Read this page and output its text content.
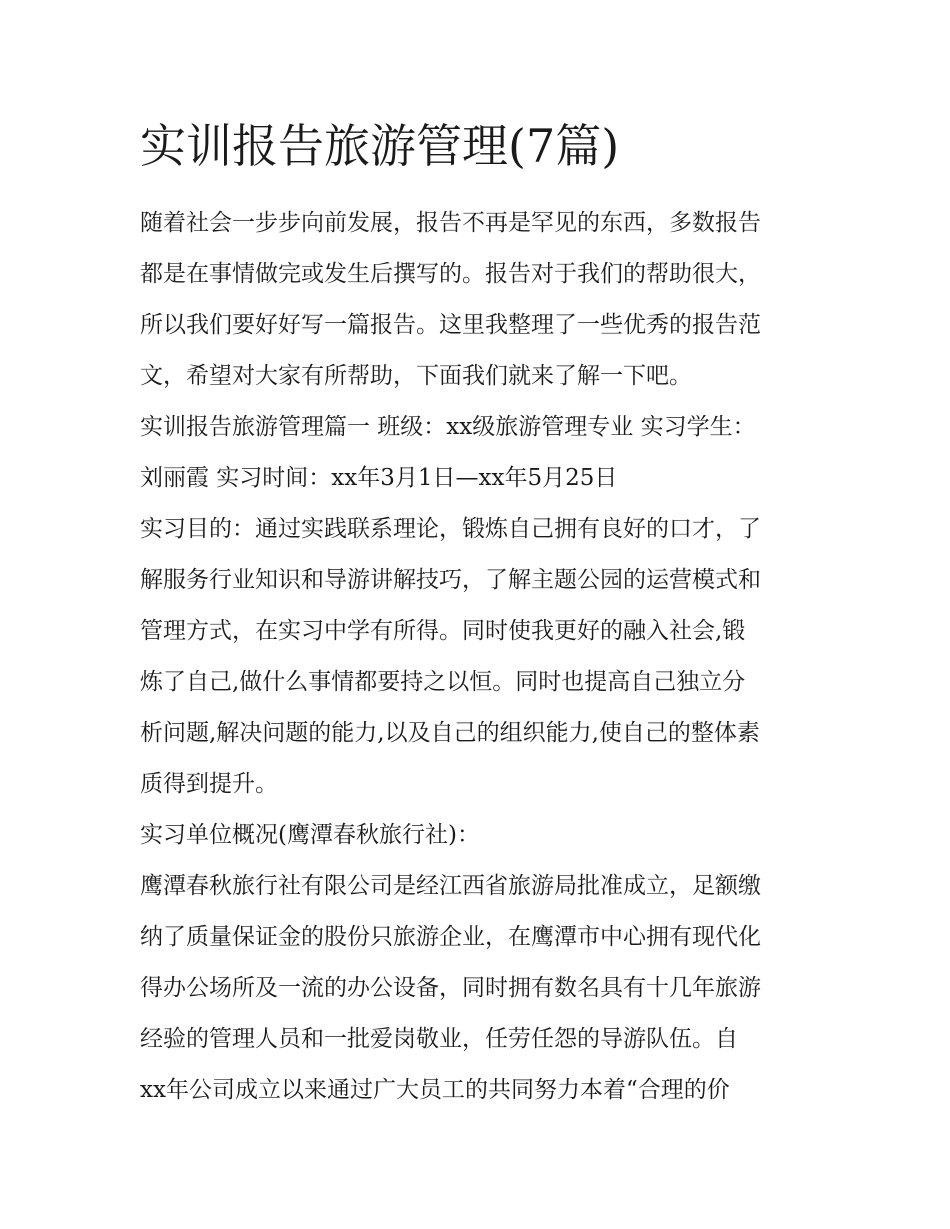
实训报告旅游管理(7篇)
随着社会一步步向前发展，报告不再是罕见的东西，多数报告
都是在事情做完或发生后撰写的。报告对于我们的帮助很大，
所以我们要好好写一篇报告。这里我整理了一些优秀的报告范
文，希望对大家有所帮助，下面我们就来了解一下吧。
实训报告旅游管理篇一 班级：xx级旅游管理专业 实习学生：
刘丽霞 实习时间：xx年3月1日—xx年5月25日
实习目的：通过实践联系理论，锻炼自己拥有良好的口才，了
解服务行业知识和导游讲解技巧，了解主题公园的运营模式和
管理方式，在实习中学有所得。同时使我更好的融入社会,锻
炼了自己,做什么事情都要持之以恒。同时也提高自己独立分
析问题,解决问题的能力,以及自己的组织能力,使自己的整体素
质得到提升。
实习单位概况(鹰潭春秋旅行社)：
鹰潭春秋旅行社有限公司是经江西省旅游局批准成立，足额缴
纳了质量保证金的股份只旅游企业，在鹰潭市中心拥有现代化
得办公场所及一流的办公设备，同时拥有数名具有十几年旅游
经验的管理人员和一批爱岗敬业，任劳任怨的导游队伍。自
xx年公司成立以来通过广大员工的共同努力本着“合理的价
